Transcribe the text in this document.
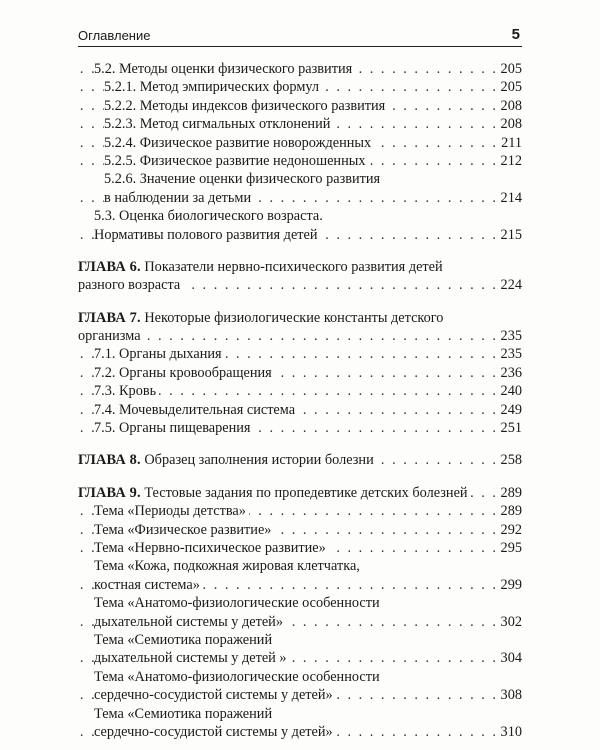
Оглавление	5
5.2. Методы оценки физического развития . . .	205
5.2.1. Метод эмпирических формул . . .	205
5.2.2. Методы индексов физического развития . . .	208
5.2.3. Метод сигмальных отклонений . . .	208
5.2.4. Физическое развитие новорожденных . . .	211
5.2.5. Физическое развитие недоношенных . . .	212
5.2.6. Значение оценки физического развития
в наблюдении за детьми . . .	214
5.3. Оценка биологического возраста.
Нормативы полового развития детей . . .	215
ГЛАВА 6. Показатели нервно-психического развития детей
разного возраста . . .	224
ГЛАВА 7. Некоторые физиологические константы детского
организма . . .	235
7.1. Органы дыхания . . .	235
7.2. Органы кровообращения . . .	236
7.3. Кровь . . .	240
7.4. Мочевыделительная система . . .	249
7.5. Органы пищеварения . . .	251
ГЛАВА 8. Образец заполнения истории болезни . . .	258
ГЛАВА 9. Тестовые задания по пропедевтике детских болезней . . . 289
Тема «Периоды детства» . . .	289
Тема «Физическое развитие» . . .	292
Тема «Нервно-психическое развитие» . . .	295
Тема «Кожа, подкожная жировая клетчатка,
костная система» . . .	299
Тема «Анатомо-физиологические особенности
дыхательной системы у детей» . . .	302
Тема «Семиотика поражений
дыхательной системы у детей » . . .	304
Тема «Анатомо-физиологические особенности
сердечно-сосудистой системы у детей» . . .	308
Тема «Семиотика поражений
сердечно-сосудистой системы у детей» . . .	310
